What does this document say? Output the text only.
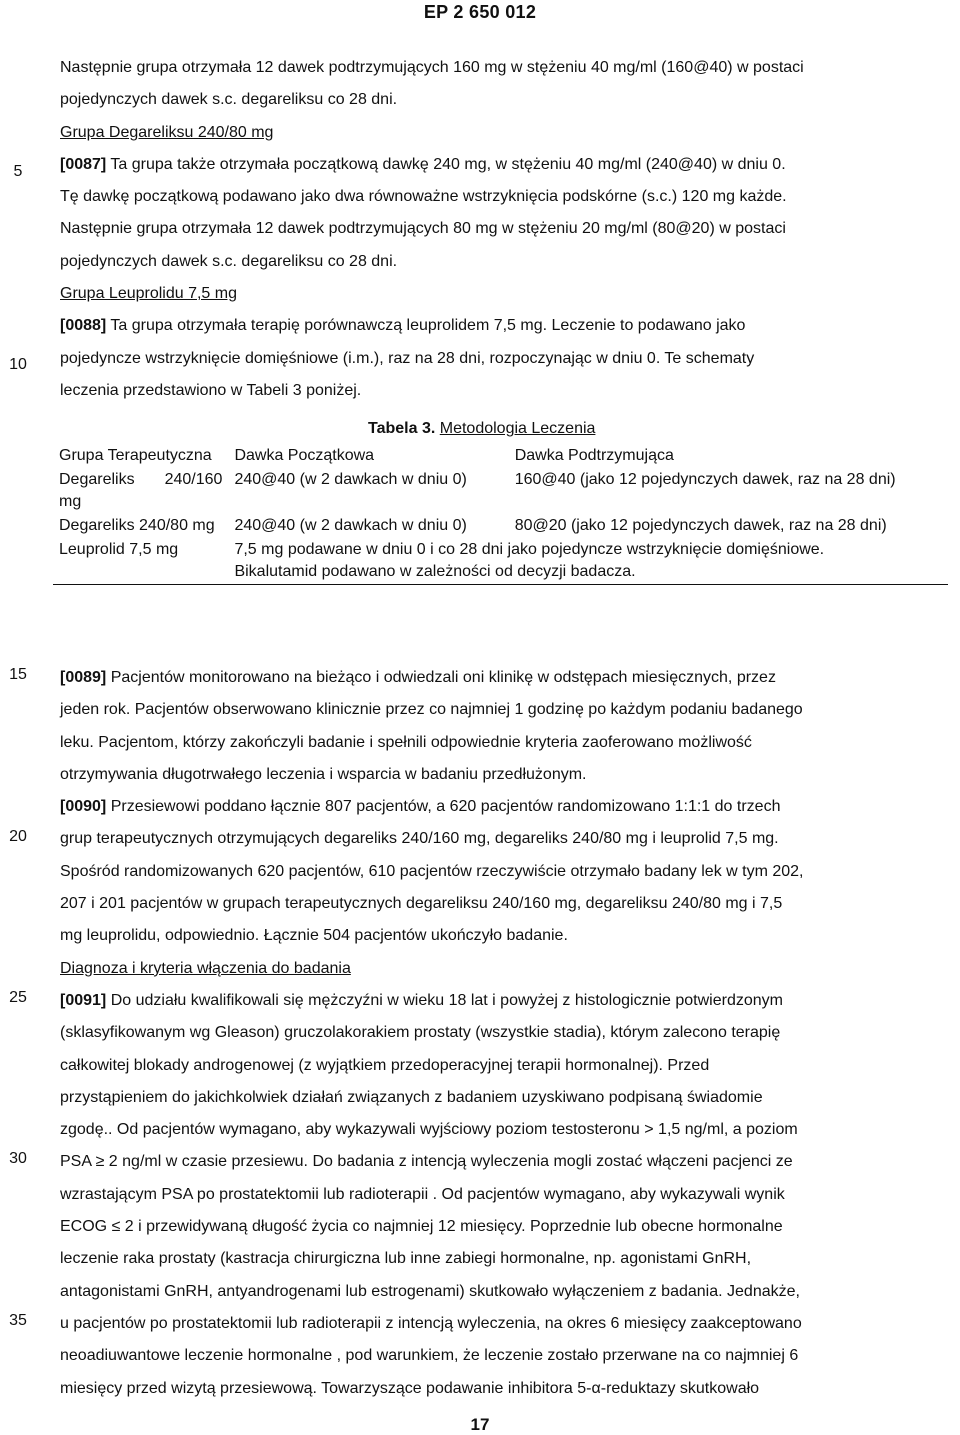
EP 2 650 012
5
10
15
20
25
30
35

Następnie grupa otrzymała 12 dawek podtrzymujących 160 mg w stężeniu 40 mg/ml (160@40) w postaci

pojedynczych dawek s.c. degareliksu co 28 dni.

Grupa Degareliksu 240/80 mg

[0087] Ta grupa także otrzymała początkową dawkę 240 mg, w stężeniu 40 mg/ml (240@40) w dniu 0.

Tę dawkę początkową podawano jako dwa równoważne wstrzyknięcia podskórne (s.c.) 120 mg każde.

Następnie grupa otrzymała 12 dawek podtrzymujących 80 mg w stężeniu 20 mg/ml (80@20) w postaci

pojedynczych dawek s.c. degareliksu co 28 dni.

Grupa Leuprolidu 7,5 mg

[0088] Ta grupa otrzymała terapię porównawczą leuprolidem 7,5 mg. Leczenie to podawano jako

pojedyncze wstrzyknięcie domięśniowe (i.m.), raz na 28 dni, rozpoczynając w dniu 0. Te schematy

leczenia przedstawiono w Tabeli 3 poniżej.

Tabela 3. Metodologia Leczenia
Grupa Terapeutyczna	Dawka Początkowa	Dawka Podtrzymująca
Degareliks 240/160 mg	240@40 (w 2 dawkach w dniu 0)	160@40 (jako 12 pojedynczych dawek, raz na 28 dni)
Degareliks 240/80 mg	240@40 (w 2 dawkach w dniu 0)	80@20 (jako 12 pojedynczych dawek, raz na 28 dni)
Leuprolid 7,5 mg	7,5 mg podawane w dniu 0 i co 28 dni jako pojedyncze wstrzyknięcie domięśniowe.
Bikalutamid podawano w zależności od decyzji badacza.	

[0089] Pacjentów monitorowano na bieżąco i odwiedzali oni klinikę w odstępach miesięcznych, przez

jeden rok. Pacjentów obserwowano klinicznie przez co najmniej 1 godzinę po każdym podaniu badanego

leku. Pacjentom, którzy zakończyli badanie i spełnili odpowiednie kryteria zaoferowano możliwość

otrzymywania długotrwałego leczenia i wsparcia w badaniu przedłużonym.

[0090] Przesiewowi poddano łącznie 807 pacjentów, a 620 pacjentów randomizowano 1:1:1 do trzech

grup terapeutycznych otrzymujących degareliks 240/160 mg, degareliks 240/80 mg i leuprolid 7,5 mg.

Spośród randomizowanych 620 pacjentów, 610 pacjentów rzeczywiście otrzymało badany lek w tym 202,

207 i 201 pacjentów w grupach terapeutycznych degareliksu 240/160 mg, degareliksu 240/80 mg i 7,5

mg leuprolidu, odpowiednio. Łącznie 504 pacjentów ukończyło badanie.

Diagnoza i kryteria włączenia do badania

[0091] Do udziału kwalifikowali się mężczyźni w wieku 18 lat i powyżej z histologicznie potwierdzonym

(sklasyfikowanym wg Gleason) gruczolakorakiem prostaty (wszystkie stadia), którym zalecono terapię

całkowitej blokady androgenowej (z wyjątkiem przedoperacyjnej terapii hormonalnej). Przed

przystąpieniem do jakichkolwiek działań związanych z badaniem uzyskiwano podpisaną świadomie

zgodę.. Od pacjentów wymagano, aby wykazywali wyjściowy poziom testosteronu > 1,5 ng/ml, a poziom

PSA ≥ 2 ng/ml w czasie przesiewu. Do badania z intencją wyleczenia mogli zostać włączeni pacjenci ze

wzrastającym PSA po prostatektomii lub radioterapii . Od pacjentów wymagano, aby wykazywali wynik

ECOG ≤ 2 i przewidywaną długość życia co najmniej 12 miesięcy. Poprzednie lub obecne hormonalne

leczenie raka prostaty (kastracja chirurgiczna lub inne zabiegi hormonalne, np. agonistami GnRH,

antagonistami GnRH, antyandrogenami lub estrogenami) skutkowało wyłączeniem z badania. Jednakże,

u pacjentów po prostatektomii lub radioterapii z intencją wyleczenia, na okres 6 miesięcy zaakceptowano

neoadiuwantowe leczenie hormonalne , pod warunkiem, że leczenie zostało przerwane na co najmniej 6

miesięcy przed wizytą przesiewową. Towarzyszące podawanie inhibitora 5-α-reduktazy skutkowało

17
